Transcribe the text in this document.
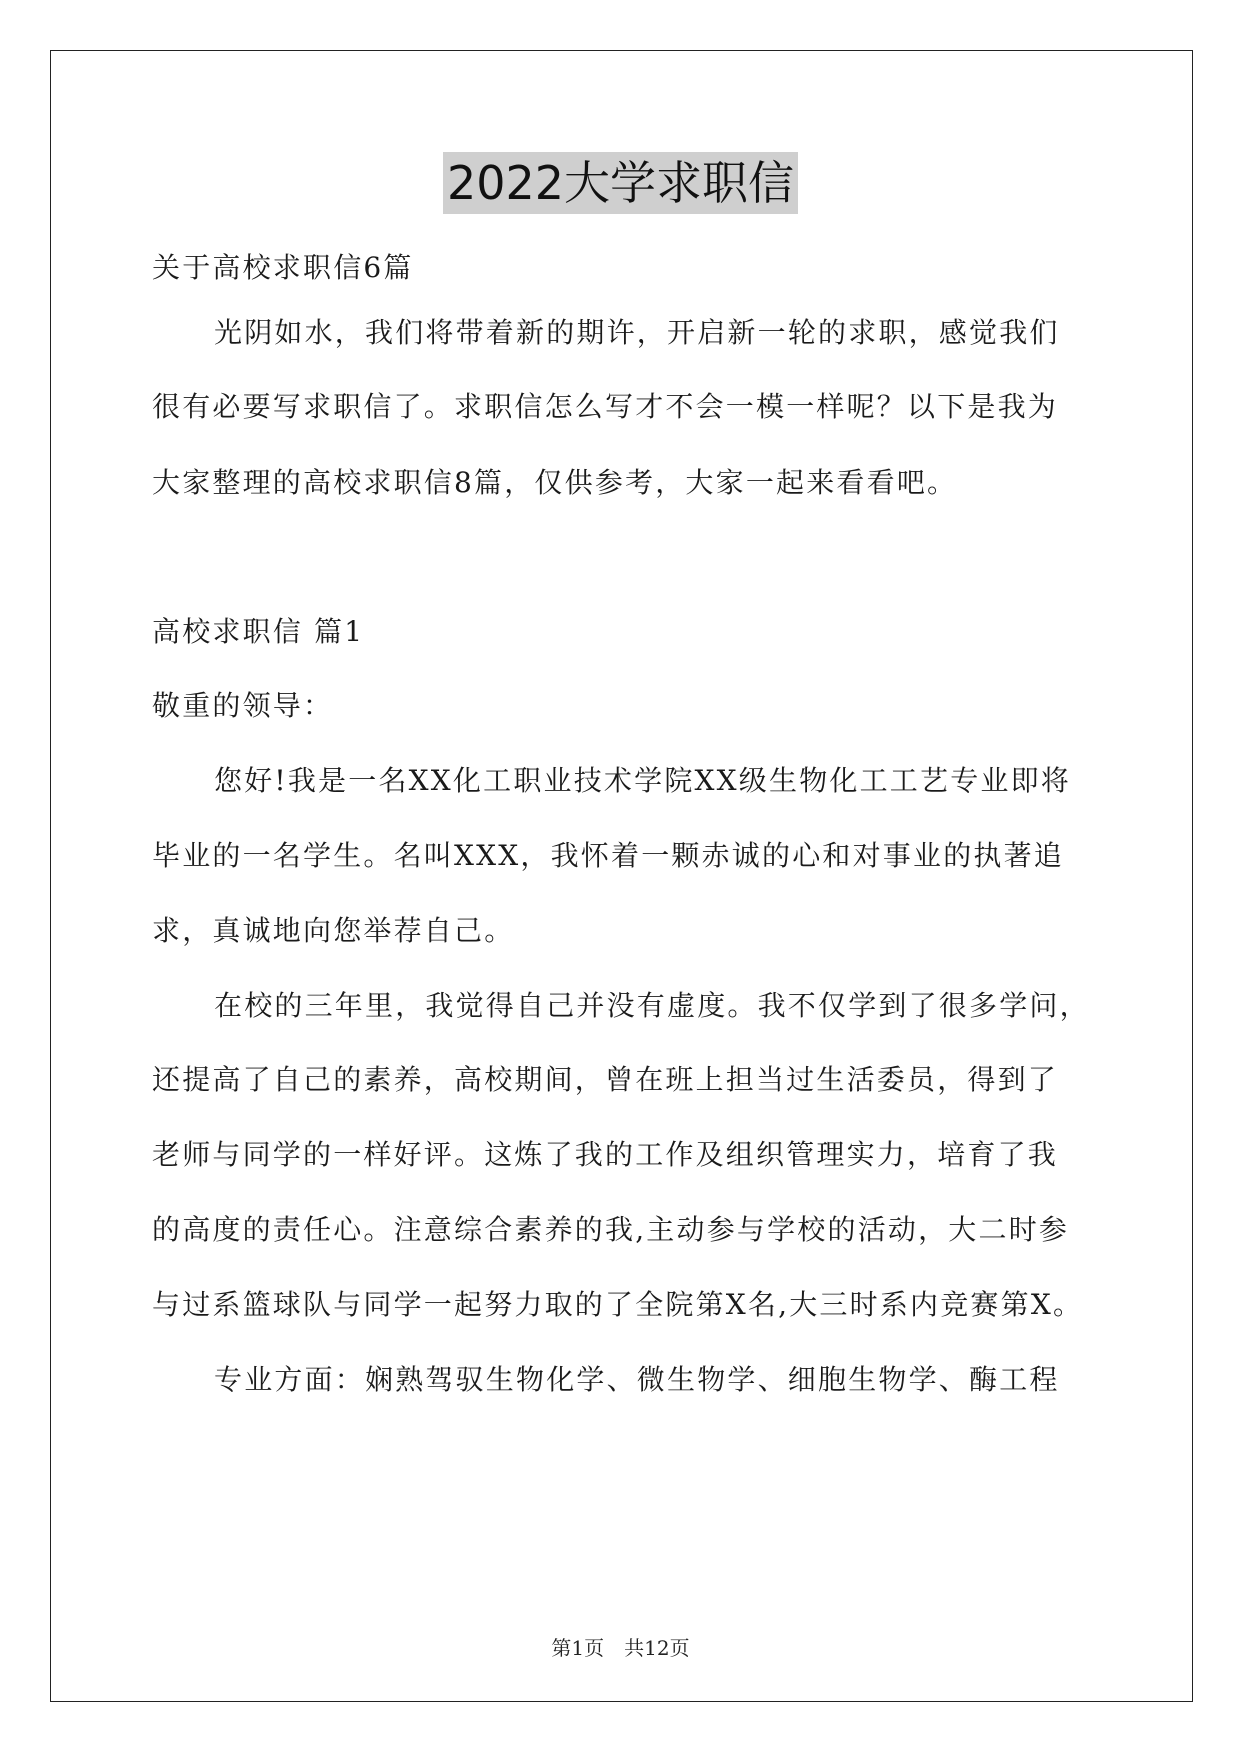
2022大学求职信
关于高校求职信6篇
光阴如水，我们将带着新的期许，开启新一轮的求职，感觉我们
很有必要写求职信了。求职信怎么写才不会一模一样呢？以下是我为
大家整理的高校求职信8篇，仅供参考，大家一起来看看吧。
高校求职信 篇1
敬重的领导：
您好!我是一名XX化工职业技术学院XX级生物化工工艺专业即将
毕业的一名学生。名叫XXX，我怀着一颗赤诚的心和对事业的执著追
求，真诚地向您举荐自己。
在校的三年里，我觉得自己并没有虚度。我不仅学到了很多学问，
还提高了自己的素养，高校期间，曾在班上担当过生活委员，得到了
老师与同学的一样好评。这炼了我的工作及组织管理实力，培育了我
的高度的责任心。注意综合素养的我,主动参与学校的活动，大二时参
与过系篮球队与同学一起努力取的了全院第X名,大三时系内竞赛第X。
专业方面：娴熟驾驭生物化学、微生物学、细胞生物学、酶工程
第1页 共12页
